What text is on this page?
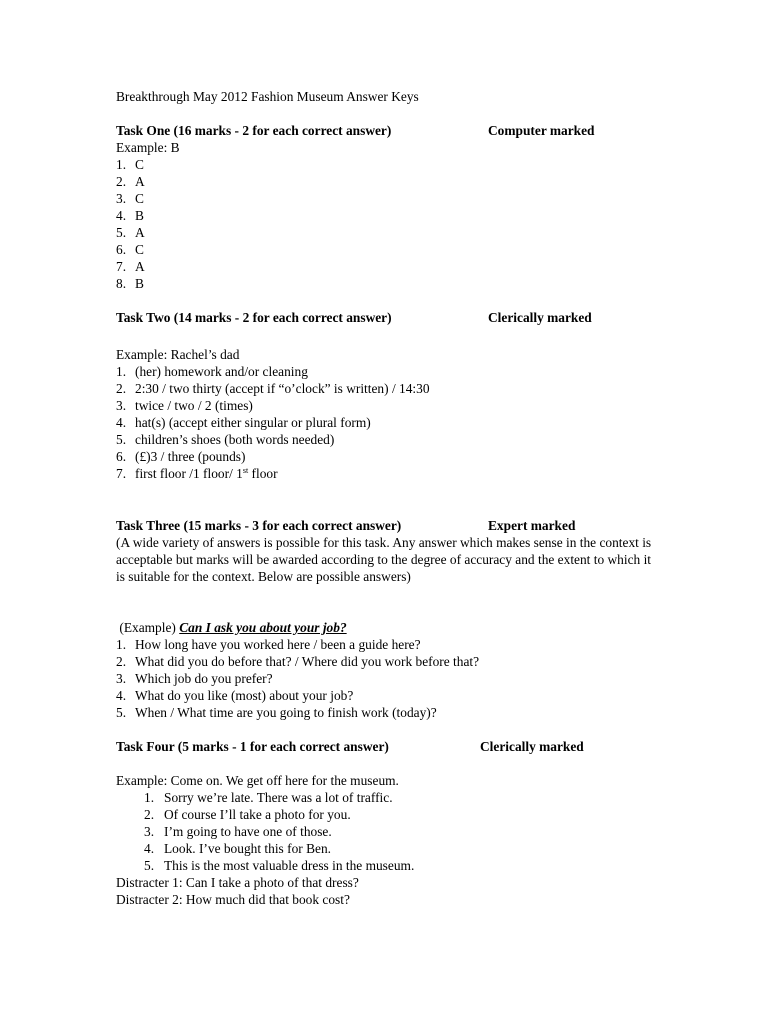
Breakthrough May 2012 Fashion Museum Answer Keys
Task One (16 marks - 2 for each correct answer)	Computer marked
Example: B
1. C
2. A
3. C
4. B
5. A
6. C
7. A
8. B
Task Two (14 marks - 2 for each correct answer)	Clerically marked
Example: Rachel’s dad
1. (her) homework and/or cleaning
2. 2:30 / two thirty (accept if “o’clock” is written) / 14:30
3. twice / two / 2 (times)
4. hat(s) (accept either singular or plural form)
5. children’s shoes (both words needed)
6. (£)3 / three (pounds)
7. first floor /1 floor/ 1st floor
Task Three (15 marks - 3 for each correct answer)	Expert marked
(A wide variety of answers is possible for this task. Any answer which makes sense in the context is acceptable but marks will be awarded according to the degree of accuracy and the extent to which it is suitable for the context. Below are possible answers)
(Example) Can I ask you about your job?
1. How long have you worked here / been a guide here?
2. What did you do before that? / Where did you work before that?
3. Which job do you prefer?
4. What do you like (most) about your job?
5. When / What time are you going to finish work (today)?
Task Four (5 marks - 1 for each correct answer)	Clerically marked
Example: Come on. We get off here for the museum.
1. Sorry we’re late. There was a lot of traffic.
2. Of course I’ll take a photo for you.
3. I’m going to have one of those.
4. Look. I’ve bought this for Ben.
5. This is the most valuable dress in the museum.
Distracter 1: Can I take a photo of that dress?
Distracter 2: How much did that book cost?
